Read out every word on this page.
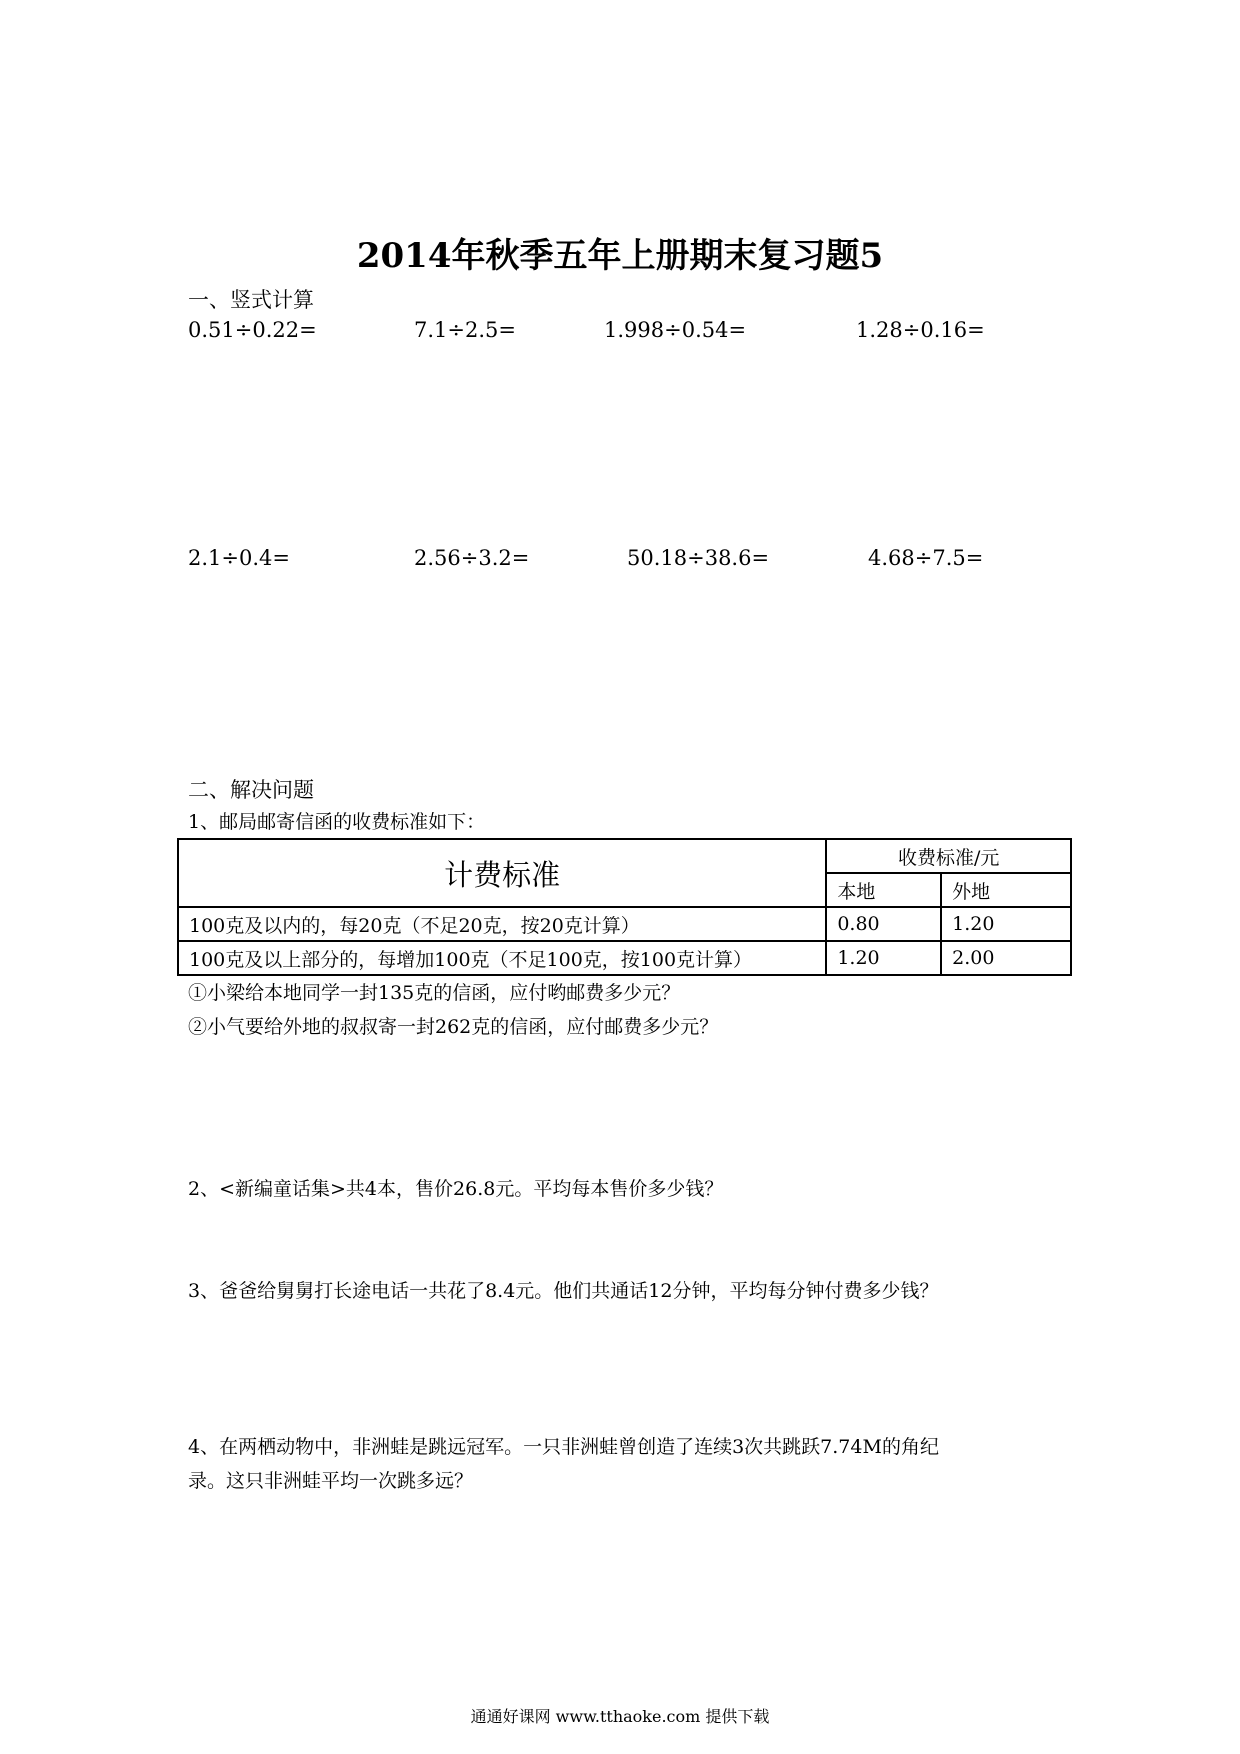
2014年秋季五年上册期末复习题5
一、竖式计算
0.51÷0.22=	7.1÷2.5=	1.998÷0.54=	1.28÷0.16=
2.1÷0.4=	2.56÷3.2=	50.18÷38.6=	4.68÷7.5=
二、解决问题
1、邮局邮寄信函的收费标准如下：
计费标准	收费标准/元	
	本地	外地
100克及以内的，每20克（不足20克，按20克计算）	0.80	1.20
100克及以上部分的，每增加100克（不足100克，按100克计算）	1.20	2.00
①小梁给本地同学一封135克的信函，应付哟邮费多少元？
②小气要给外地的叔叔寄一封262克的信函，应付邮费多少元？
2、<新编童话集>共4本，售价26.8元。平均每本售价多少钱？
3、爸爸给舅舅打长途电话一共花了8.4元。他们共通话12分钟，平均每分钟付费多少钱？
4、在两栖动物中，非洲蛙是跳远冠军。一只非洲蛙曾创造了连续3次共跳跃7.74M的角纪
录。这只非洲蛙平均一次跳多远？
通通好课网 www.tthaoke.com 提供下载
